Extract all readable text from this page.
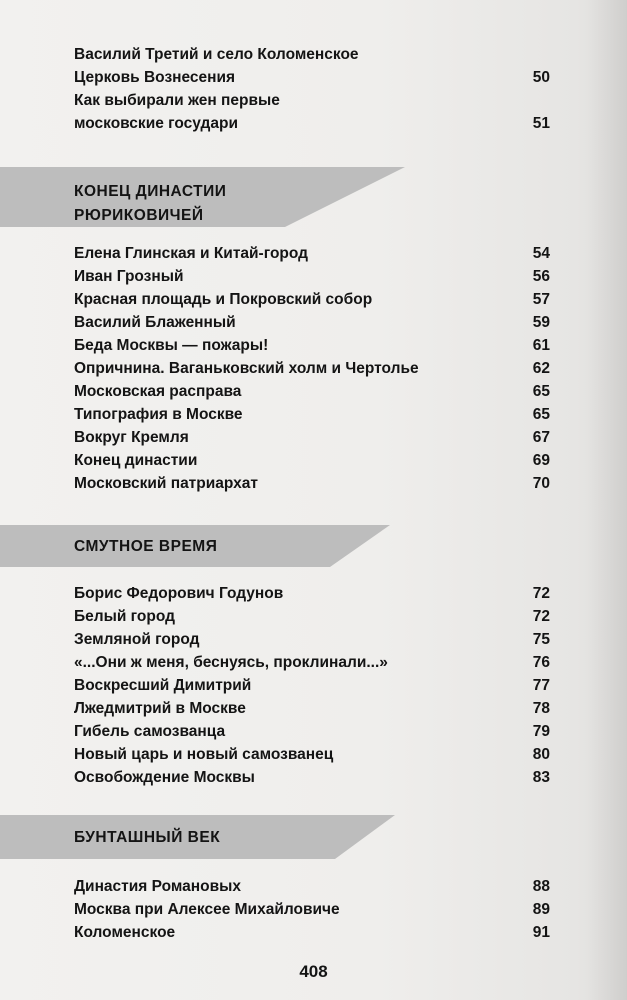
Василий Третий и село Коломенское
Церковь Вознесения	50
Как выбирали жен первые
московские государи	51
КОНЕЦ ДИНАСТИИ
РЮРИКОВИЧЕЙ
Елена Глинская и Китай-город	54
Иван Грозный	56
Красная площадь и Покровский собор	57
Василий Блаженный	59
Беда Москвы — пожары!	61
Опричнина. Ваганьковский холм и Чертолье	62
Московская расправа	65
Типография в Москве	65
Вокруг Кремля	67
Конец династии	69
Московский патриархат	70
СМУТНОЕ ВРЕМЯ
Борис Федорович Годунов	72
Белый город	72
Земляной город	75
«...Они ж меня, беснуясь, проклинали...»	76
Воскресший Димитрий	77
Лжедмитрий в Москве	78
Гибель самозванца	79
Новый царь и новый самозванец	80
Освобождение Москвы	83
БУНТАШНЫЙ ВЕК
Династия Романовых	88
Москва при Алексее Михайловиче	89
Коломенское	91
408
